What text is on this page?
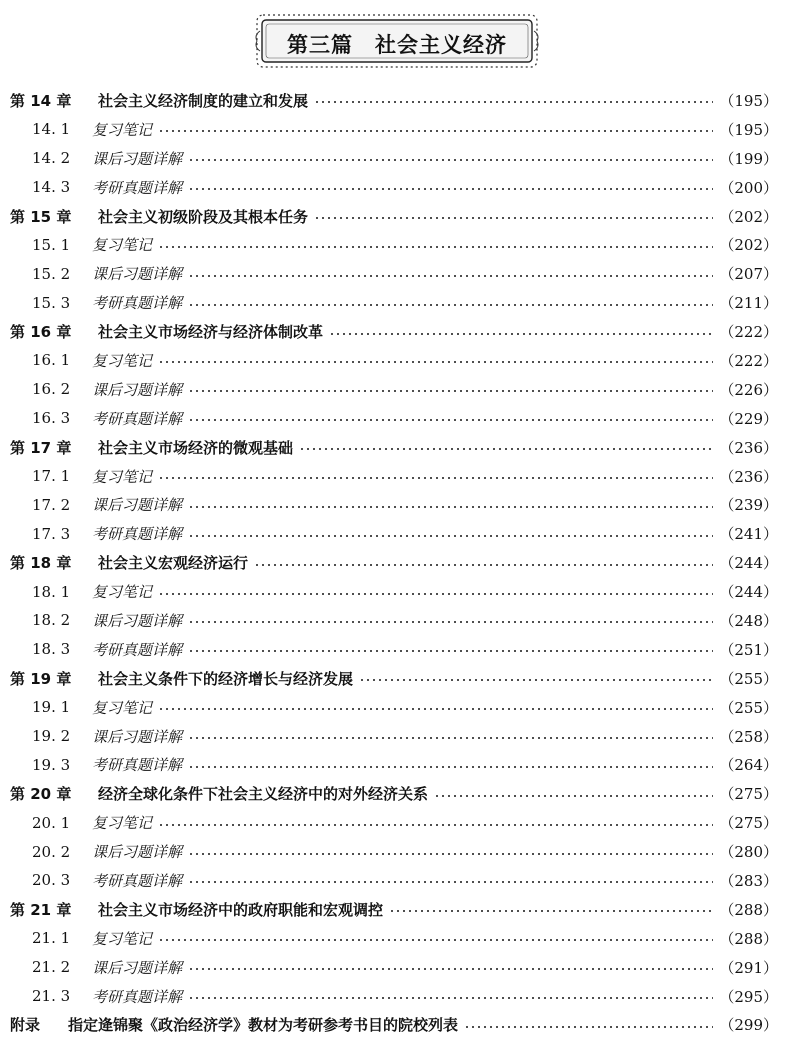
第三篇　社会主义经济
第 14 章	社会主义经济制度的建立和发展	（195）
14. 1	复习笔记	（195）
14. 2	课后习题详解	（199）
14. 3	考研真题详解	（200）
第 15 章	社会主义初级阶段及其根本任务	（202）
15. 1	复习笔记	（202）
15. 2	课后习题详解	（207）
15. 3	考研真题详解	（211）
第 16 章	社会主义市场经济与经济体制改革	（222）
16. 1	复习笔记	（222）
16. 2	课后习题详解	（226）
16. 3	考研真题详解	（229）
第 17 章	社会主义市场经济的微观基础	（236）
17. 1	复习笔记	（236）
17. 2	课后习题详解	（239）
17. 3	考研真题详解	（241）
第 18 章	社会主义宏观经济运行	（244）
18. 1	复习笔记	（244）
18. 2	课后习题详解	（248）
18. 3	考研真题详解	（251）
第 19 章	社会主义条件下的经济增长与经济发展	（255）
19. 1	复习笔记	（255）
19. 2	课后习题详解	（258）
19. 3	考研真题详解	（264）
第 20 章	经济全球化条件下社会主义经济中的对外经济关系	（275）
20. 1	复习笔记	（275）
20. 2	课后习题详解	（280）
20. 3	考研真题详解	（283）
第 21 章	社会主义市场经济中的政府职能和宏观调控	（288）
21. 1	复习笔记	（288）
21. 2	课后习题详解	（291）
21. 3	考研真题详解	（295）
附录	指定逄锦聚《政治经济学》教材为考研参考书目的院校列表	（299）
